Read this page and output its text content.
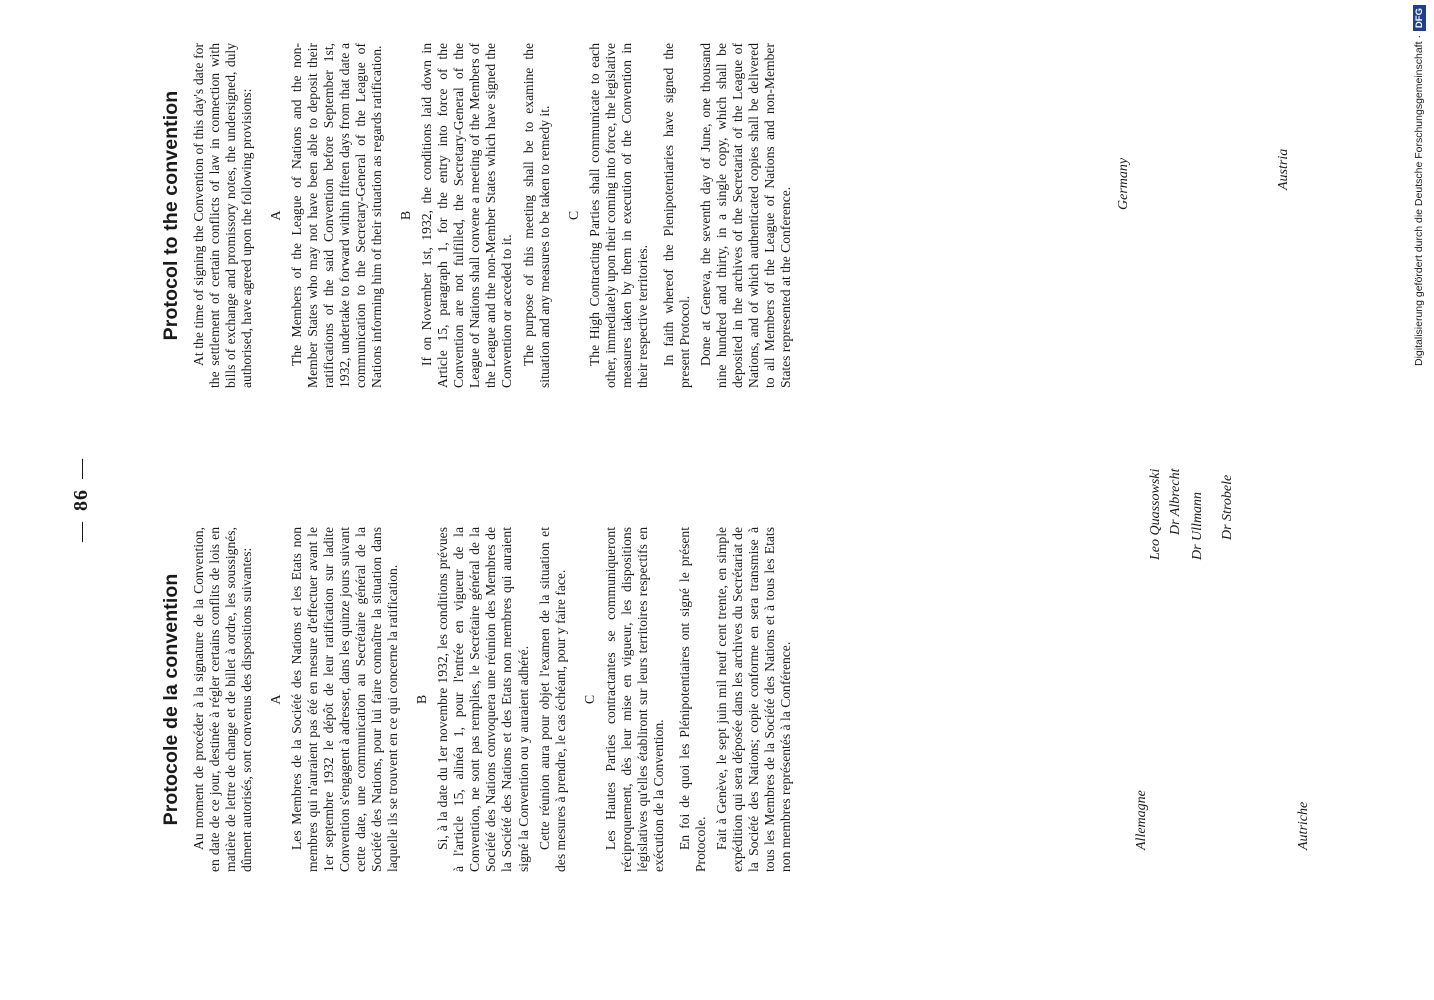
—86—
Protocole de la convention Au moment de procéder à la signature de la Convention, en date de ce jour, destinée à régler certains conflits de lois en matière de lettre de change et de billet à ordre, les soussignés, dûment autorisés, sont convenus des dispositions suivantes: A Les Membres de la Société des Nations et les Etats non membres qui n'auraient pas été en mesure d'effectuer avant le 1er septembre 1932 le dépôt de leur ratification sur ladite Convention s'engagent à adresser, dans les quinze jours suivant cette date, une communication au Secrétaire général de la Société des Nations, pour lui faire connaître la situation dans laquelle ils se trouvent en ce qui concerne la ratification. B Si, à la date du 1er novembre 1932, les conditions prévues à l'article 15, alinéa 1, pour l'entrée en vigueur de la Convention, ne sont pas remplies, le Secrétaire général de la Société des Nations convoquera une réunion des Membres de la Société des Nations et des Etats non membres qui auraient signé la Convention ou y auraient adhéré. Cette réunion aura pour objet l'examen de la situation et des mesures à prendre, le cas échéant, pour y faire face. C Les Hautes Parties contractantes se communiqueront réciproquement, dès leur mise en vigueur, les dispositions législatives qu'elles établiront sur leurs territoires respectifs en exécution de la Convention. En foi de quoi les Plénipotentiaires ont signé le présent Protocole. Fait à Genève, le sept juin mil neuf cent trente, en simple expédition qui sera déposée dans les archives du Secrétariat de la Société des Nations; copie conforme en sera transmise à tous les Membres de la Société des Nations et à tous les Etats non membres représentés à la Conférence.

Protocol to the convention At the time of signing the Convention of this day's date for the settlement of certain conflicts of law in connection with bills of exchange and promissory notes, the undersigned, duly authorised, have agreed upon the following provisions: A The Members of the League of Nations and the non-Member States who may not have been able to deposit their ratifications of the said Convention before September 1st, 1932, undertake to forward within fifteen days from that date a communication to the Secretary-General of the League of Nations informing him of their situation as regards ratification. B If on November 1st, 1932, the conditions laid down in Article 15, paragraph 1, for the entry into force of the Convention are not fulfilled, the Secretary-General of the League of Nations shall convene a meeting of the Members of the League and the non-Member States which have signed the Convention or acceded to it. The purpose of this meeting shall be to examine the situation and any measures to be taken to remedy it. C The High Contracting Parties shall communicate to each other, immediately upon their coming into force, the legislative measures taken by them in execution of the Convention in their respective territories. In faith whereof the Plenipotentiaries have signed the present Protocol. Done at Geneva, the seventh day of June, one thousand nine hundred and thirty, in a single copy, which shall be deposited in the archives of the Secretariat of the League of Nations, and of which authenticated copies shall be delivered to all Members of the League of Nations and non-Member States represented at the Conference.

Allemagne	Autriche
Germany	Austria
Leo Quassowski Dr Albrecht Dr Ullmann Dr Strobele
Digitalisierung gefördert durch die Deutsche Forschungsgemeinschaft ·
DFG
